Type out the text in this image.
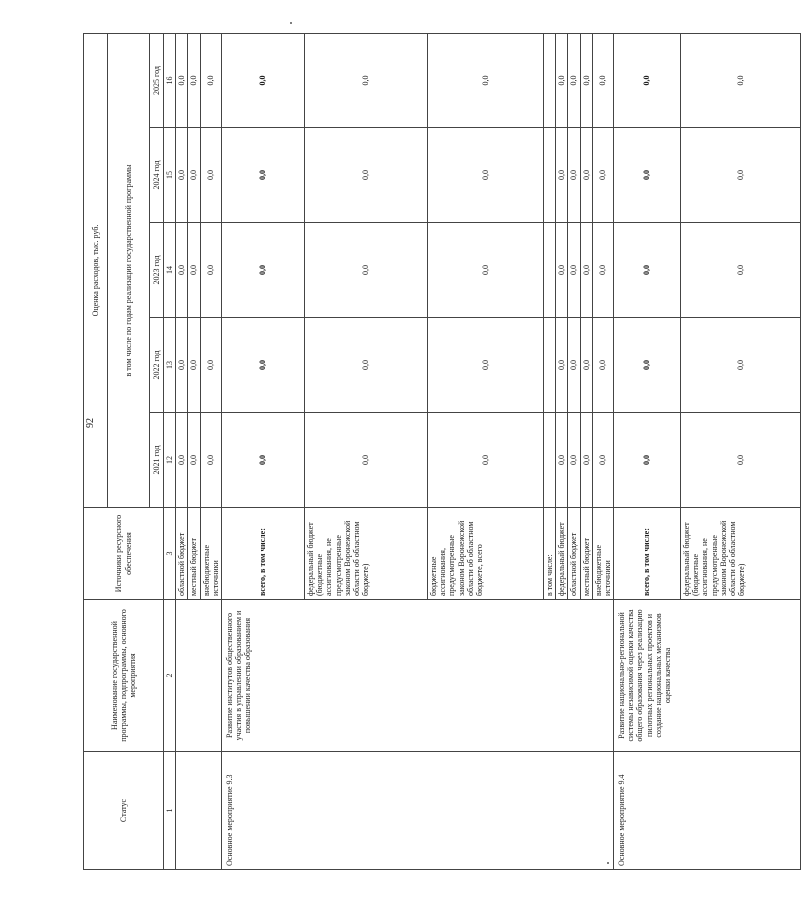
92
Статус	Наименование государственной программы, подпрограммы, основного мероприятия	Источники ресурсного обеспечения	Оценка расходов, тыс. руб.				
			в том числе по годам реализации государственной программы				
			2021 год	2022 год	2023 год	2024 год	2025 год
1	2	3	12	13	14	15	16
		областной бюджет	0,0	0,0	0,0	0,0	0,0
		местный бюджет	0,0	0,0	0,0	0,0	0,0
		внебюджетные источники	0,0	0,0	0,0	0,0	0,0
Основное мероприятие 9.3	Развитие институтов общественного участия в управлении образованием и повышении качества образования	всего, в том числе:	0,0	0,0	0,0	0,0	0,0
		федеральный бюджет (бюджетные ассигнования, не предусмотренные законом Воронежской области об областном бюджете)	0,0	0,0	0,0	0,0	0,0
		бюджетные ассигнования, предусмотренные законом Воронежской области об областном бюджете, всего	0,0	0,0	0,0	0,0	0,0
		в том числе:					
		федеральный бюджет	0,0	0,0	0,0	0,0	0,0
		областной бюджет	0,0	0,0	0,0	0,0	0,0
		местный бюджет	0,0	0,0	0,0	0,0	0,0
		внебюджетные источники	0,0	0,0	0,0	0,0	0,0
Основное мероприятие 9.4	Развитие национально-региональной системы независимой оценки качества общего образования через реализацию пилотных региональных проектов и создание национальных механизмов оценки качества	всего, в том числе:	0,0	0,0	0,0	0,0	0,0
		федеральный бюджет (бюджетные ассигнования, не предусмотренные законом Воронежской области об областном бюджете)	0,0	0,0	0,0	0,0	0,0
